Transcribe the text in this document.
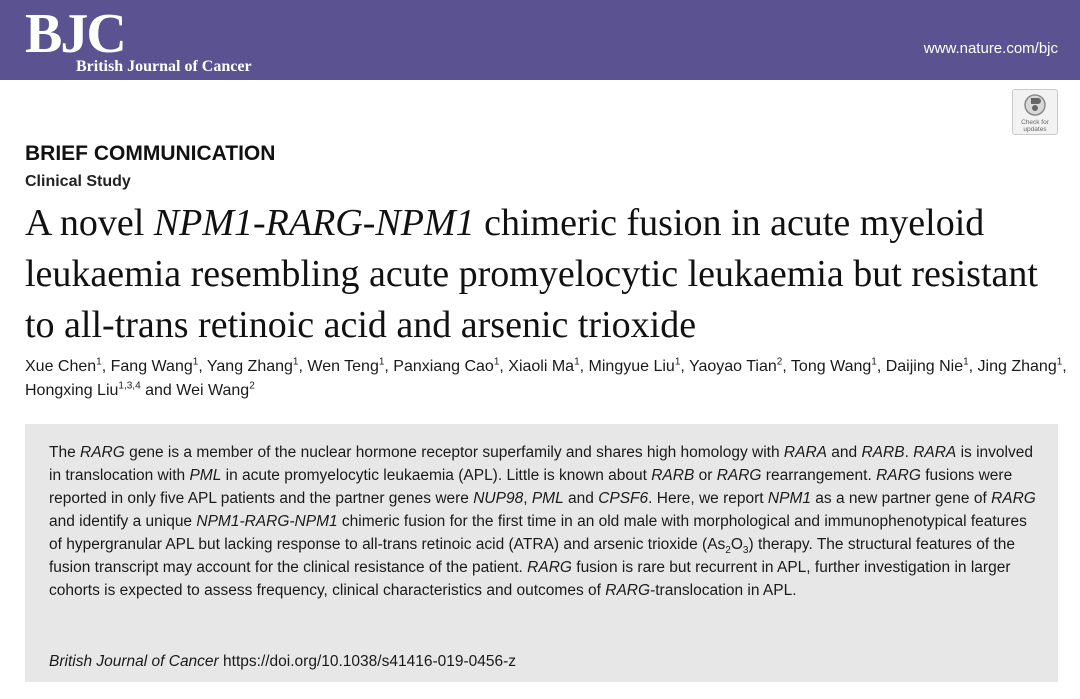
BJC
British Journal of Cancer
www.nature.com/bjc
Check for
updates
BRIEF COMMUNICATION
Clinical Study
A novel NPM1-RARG-NPM1 chimeric fusion in acute myeloid leukaemia resembling acute promyelocytic leukaemia but resistant to all-trans retinoic acid and arsenic trioxide
Xue Chen$^1$, Fang Wang$^1$, Yang Zhang$^1$, Wen Teng$^1$, Panxiang Cao$^1$, Xiaoli Ma$^1$, Mingyue Liu$^1$, Yaoyao Tian$^2$, Tong Wang$^1$, Daijing Nie$^1$, Jing Zhang$^1$, Hongxing Liu$^{1,3,4}$ and Wei Wang$^2$
The RARG gene is a member of the nuclear hormone receptor superfamily and shares high homology with RARA and RARB. RARA is involved in translocation with PML in acute promyelocytic leukaemia (APL). Little is known about RARB or RARG rearrangement. RARG fusions were reported in only five APL patients and the partner genes were NUP98, PML and CPSF6. Here, we report NPM1 as a new partner gene of RARG and identify a unique NPM1-RARG-NPM1 chimeric fusion for the first time in an old male with morphological and immunophenotypical features of hypergranular APL but lacking response to all-trans retinoic acid (ATRA) and arsenic trioxide $(As_2O_3)$ therapy. The structural features of the fusion transcript may account for the clinical resistance of the patient. RARG fusion is rare but recurrent in APL, further investigation in larger cohorts is expected to assess frequency, clinical characteristics and outcomes of RARG-translocation in APL.
British Journal of Cancer https://doi.org/10.1038/s41416-019-0456-z
